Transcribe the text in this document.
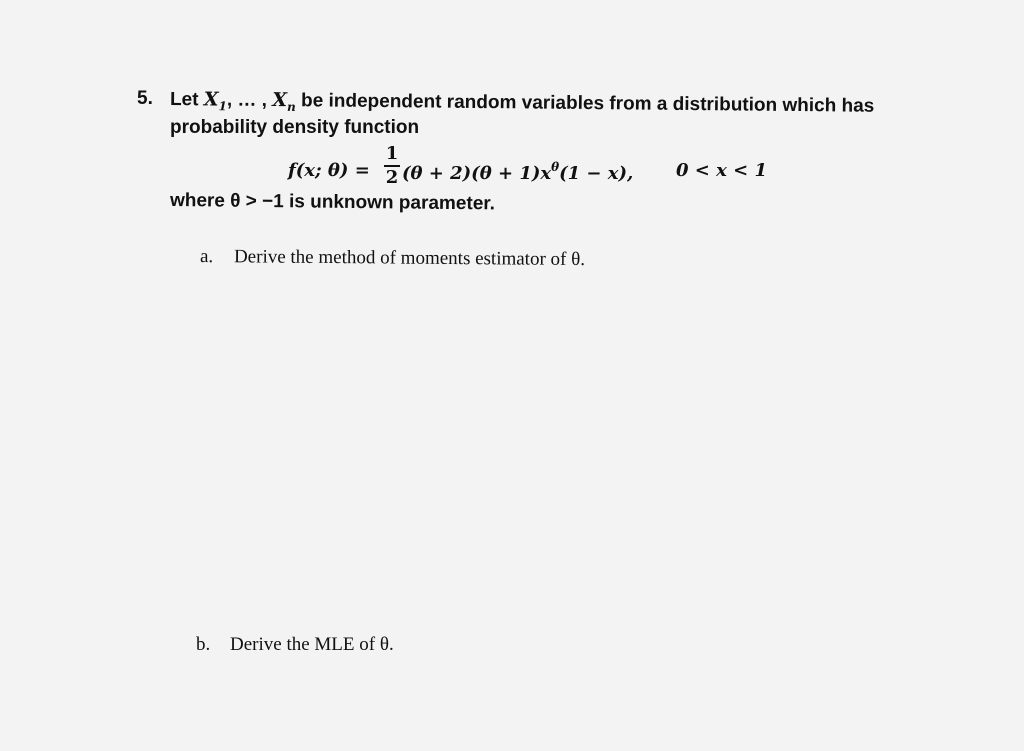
5. Let $X_1$, … , $X_n$ be independent random variables from a distribution which has
probability density function
f(x; θ) =
1
2 $(\theta + 2)(\theta + 1)x^\theta(1 - x)$, 0 < x < 1
where θ > −1 is unknown parameter.
a. Derive the method of moments estimator of θ.
b. Derive the MLE of θ.
